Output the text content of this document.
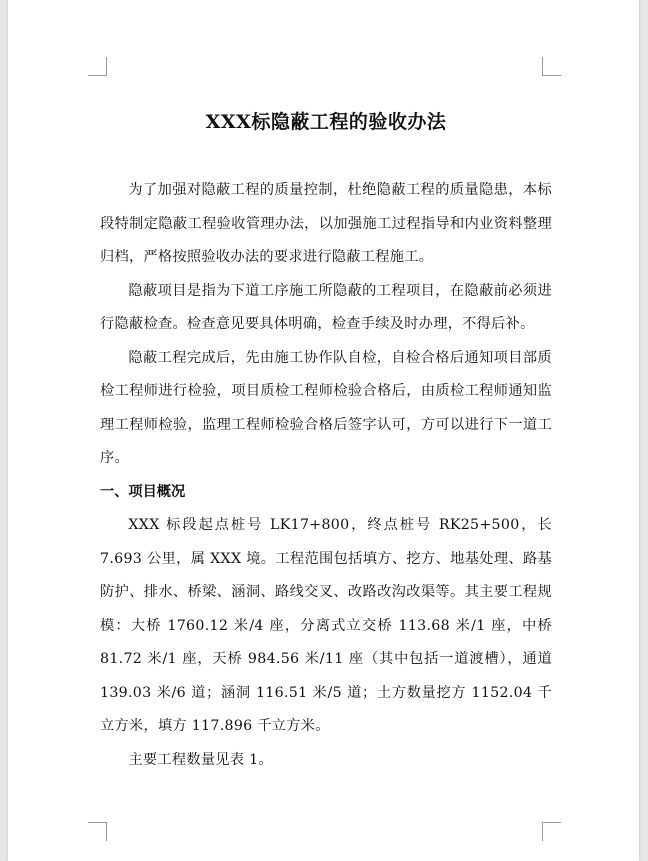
XXX标隐蔽工程的验收办法

为了加强对隐蔽工程的质量控制，杜绝隐蔽工程的质量隐患，本标段特制定隐蔽工程验收管理办法，以加强施工过程指导和内业资料整理归档，严格按照验收办法的要求进行隐蔽工程施工。

隐蔽项目是指为下道工序施工所隐蔽的工程项目，在隐蔽前必须进行隐蔽检查。检查意见要具体明确，检查手续及时办理，不得后补。

隐蔽工程完成后，先由施工协作队自检，自检合格后通知项目部质检工程师进行检验，项目质检工程师检验合格后，由质检工程师通知监理工程师检验，监理工程师检验合格后签字认可，方可以进行下一道工序。

一、项目概况

XXX 标段起点桩号 LK17+800，终点桩号 RK25+500，长 7.693 公里，属 XXX 境。工程范围包括填方、挖方、地基处理、路基防护、排水、桥梁、涵洞、路线交叉、改路改沟改渠等。其主要工程规模：大桥 1760.12 米/4 座，分离式立交桥 113.68 米/1 座，中桥 81.72 米/1 座，天桥 984.56 米/11 座（其中包括一道渡槽），通道 139.03 米/6 道；涵洞 116.51 米/5 道；土方数量挖方 1152.04 千立方米，填方 117.896 千立方米。

主要工程数量见表 1。
